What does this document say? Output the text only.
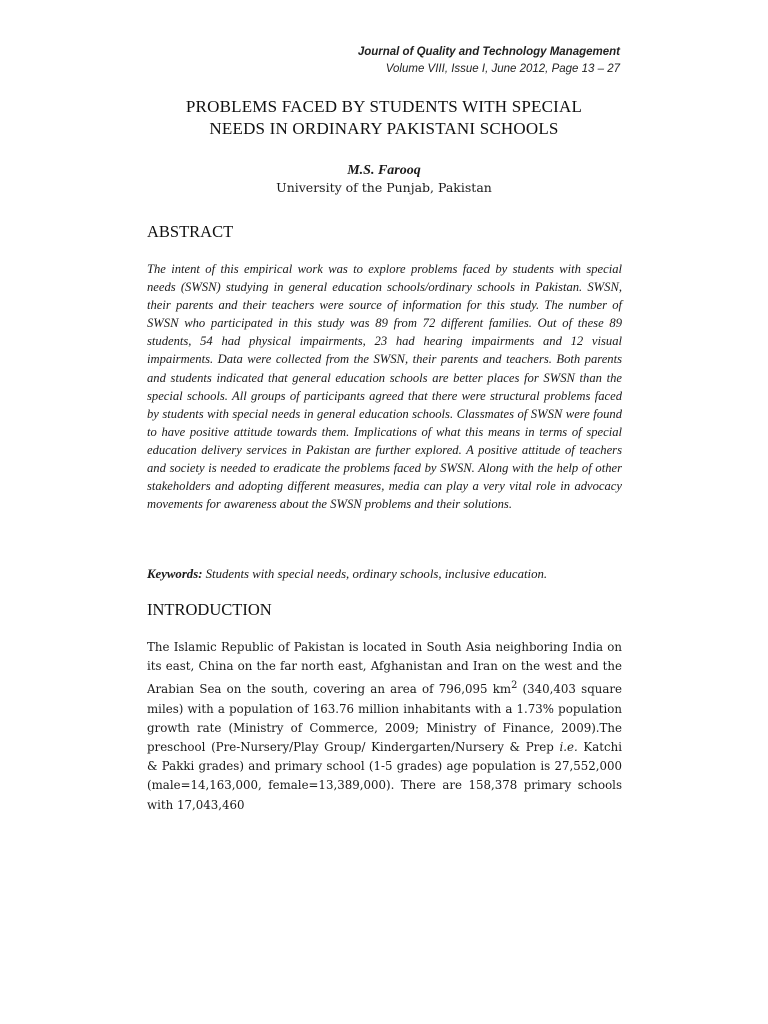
Journal of Quality and Technology Management
Volume VIII, Issue I, June 2012, Page 13 – 27
PROBLEMS FACED BY STUDENTS WITH SPECIAL
NEEDS IN ORDINARY PAKISTANI SCHOOLS
M.S. Farooq
University of the Punjab, Pakistan
ABSTRACT

The intent of this empirical work was to explore problems faced by students with special needs (SWSN) studying in general education schools/ordinary schools in Pakistan. SWSN, their parents and their teachers were source of information for this study. The number of SWSN who participated in this study was 89 from 72 different families. Out of these 89 students, 54 had physical impairments, 23 had hearing impairments and 12 visual impairments. Data were collected from the SWSN, their parents and teachers. Both parents and students indicated that general education schools are better places for SWSN than the special schools. All groups of participants agreed that there were structural problems faced by students with special needs in general education schools. Classmates of SWSN were found to have positive attitude towards them. Implications of what this means in terms of special education delivery services in Pakistan are further explored. A positive attitude of teachers and society is needed to eradicate the problems faced by SWSN. Along with the help of other stakeholders and adopting different measures, media can play a very vital role in advocacy movements for awareness about the SWSN problems and their solutions.

Keywords: Students with special needs, ordinary schools, inclusive education.

INTRODUCTION

The Islamic Republic of Pakistan is located in South Asia neighboring India on its east, China on the far north east, Afghanistan and Iran on the west and the Arabian Sea on the south, covering an area of 796,095 $km^2$ (340,403 square miles) with a population of 163.76 million inhabitants with a 1.73% population growth rate (Ministry of Commerce, 2009; Ministry of Finance, 2009).The preschool (Pre-Nursery/Play Group/ Kindergarten/Nursery & Prep i.e. Katchi & Pakki grades) and primary school (1-5 grades) age population is 27,552,000 (male=14,163,000, female=13,389,000). There are 158,378 primary schools with 17,043,460
